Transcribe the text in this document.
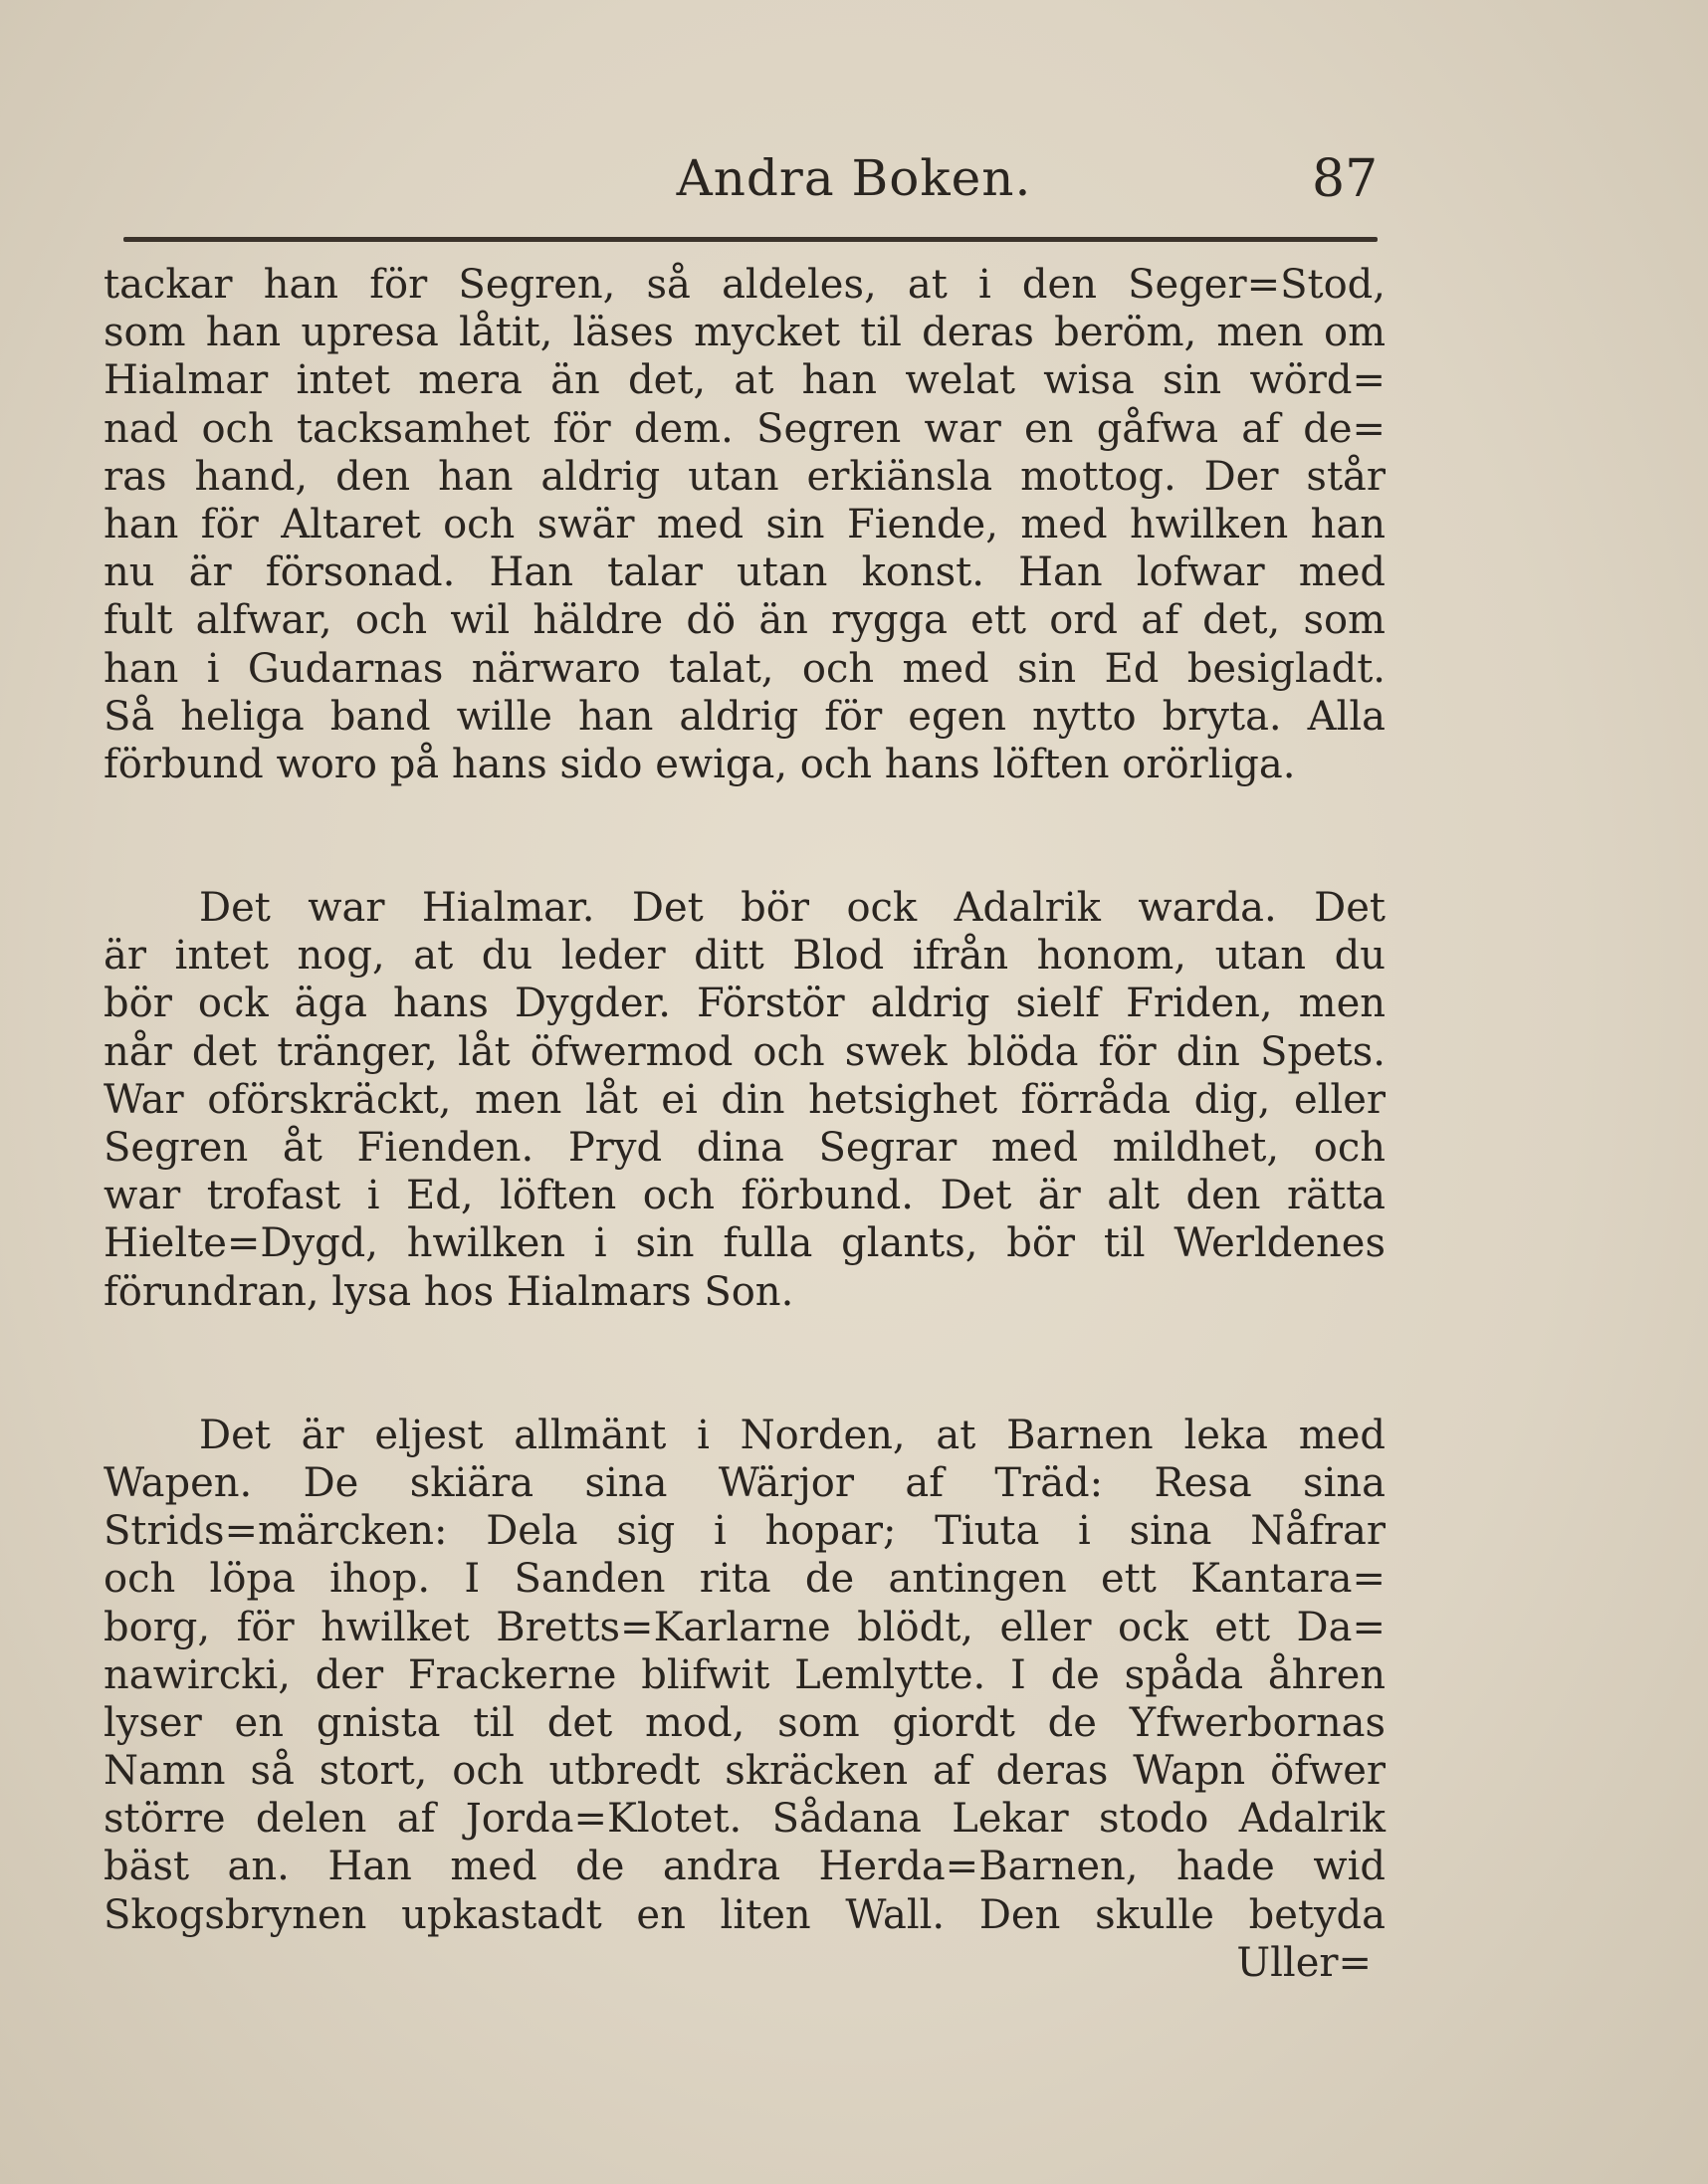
Andra Boken.	87
tackar han för Segren, så aldeles, at i den Seger=Stod,
som han upresa låtit, läses mycket til deras beröm, men om
Hialmar intet mera än det, at han welat wisa sin wörd=
nad och tacksamhet för dem. Segren war en gåfwa af de=
ras hand, den han aldrig utan erkiänsla mottog. Der står
han för Altaret och swär med sin Fiende, med hwilken han
nu är försonad. Han talar utan konst. Han lofwar med
fult alfwar, och wil häldre dö än rygga ett ord af det, som
han i Gudarnas närwaro talat, och med sin Ed besigladt.
Så heliga band wille han aldrig för egen nytto bryta. Alla
förbund woro på hans sido ewiga, och hans löften orörliga.
Det war Hialmar. Det bör ock Adalrik warda. Det
är intet nog, at du leder ditt Blod ifrån honom, utan du
bör ock äga hans Dygder. Förstör aldrig sielf Friden, men
når det tränger, låt öfwermod och swek blöda för din Spets.
War oförskräckt, men låt ei din hetsighet förråda dig, eller
Segren åt Fienden. Pryd dina Segrar med mildhet, och
war trofast i Ed, löften och förbund. Det är alt den rätta
Hielte=Dygd, hwilken i sin fulla glants, bör til Werldenes
förundran, lysa hos Hialmars Son.
Det är eljest allmänt i Norden, at Barnen leka med
Wapen. De skiära sina Wärjor af Träd: Resa sina
Strids=märcken: Dela sig i hopar; Tiuta i sina Nåfrar
och löpa ihop. I Sanden rita de antingen ett Kantara=
borg, för hwilket Bretts=Karlarne blödt, eller ock ett Da=
nawircki, der Frackerne blifwit Lemlytte. I de spåda åhren
lyser en gnista til det mod, som giordt de Yfwerbornas
Namn så stort, och utbredt skräcken af deras Wapn öfwer
större delen af Jorda=Klotet. Sådana Lekar stodo Adalrik
bäst an. Han med de andra Herda=Barnen, hade wid
Skogsbrynen upkastadt en liten Wall. Den skulle betyda
Uller=
